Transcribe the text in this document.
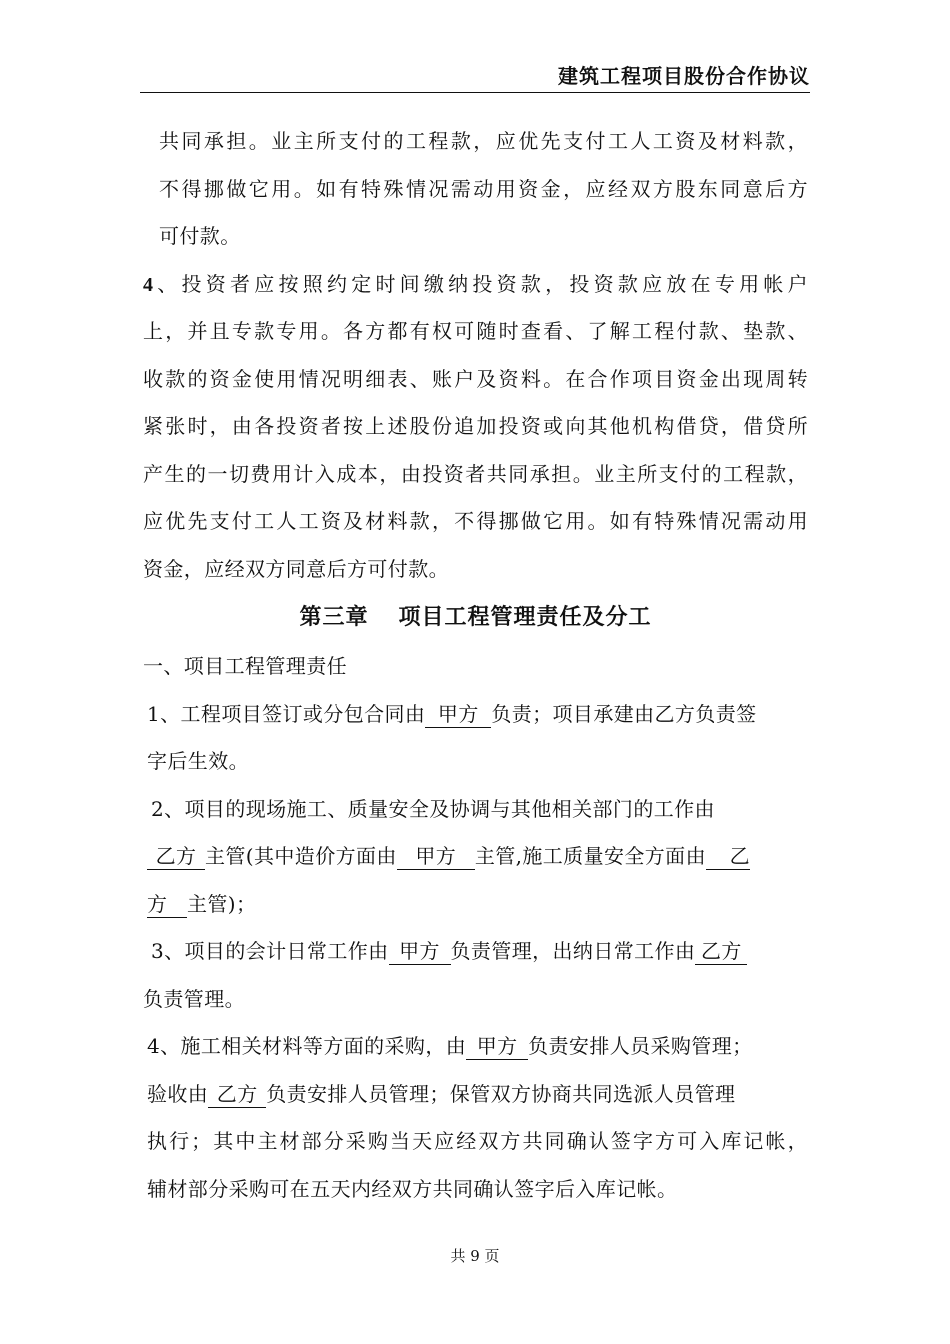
建筑工程项目股份合作协议
共同承担。业主所支付的工程款，应优先支付工人工资及材料款，
不得挪做它用。如有特殊情况需动用资金，应经双方股东同意后方
可付款。
4、投资者应按照约定时间缴纳投资款，投资款应放在专用帐户
上，并且专款专用。各方都有权可随时查看、了解工程付款、垫款、
收款的资金使用情况明细表、账户及资料。在合作项目资金出现周转
紧张时，由各投资者按上述股份追加投资或向其他机构借贷，借贷所
产生的一切费用计入成本，由投资者共同承担。业主所支付的工程款，
应优先支付工人工资及材料款，不得挪做它用。如有特殊情况需动用
资金，应经双方同意后方可付款。
第三章 项目工程管理责任及分工
一、项目工程管理责任
1、工程项目签订或分包合同由 甲方 负责；项目承建由乙方负责签
字后生效。
2、项目的现场施工、质量安全及协调与其他相关部门的工作由
乙方 主管(其中造价方面由 甲方 主管,施工质量安全方面由 乙
方 主管)；
3、项目的会计日常工作由 甲方 负责管理，出纳日常工作由 乙方
负责管理。
4、施工相关材料等方面的采购，由 甲方 负责安排人员采购管理；
验收由 乙方 负责安排人员管理；保管双方协商共同选派人员管理
执行；其中主材部分采购当天应经双方共同确认签字方可入库记帐，
辅材部分采购可在五天内经双方共同确认签字后入库记帐。
共 9 页
